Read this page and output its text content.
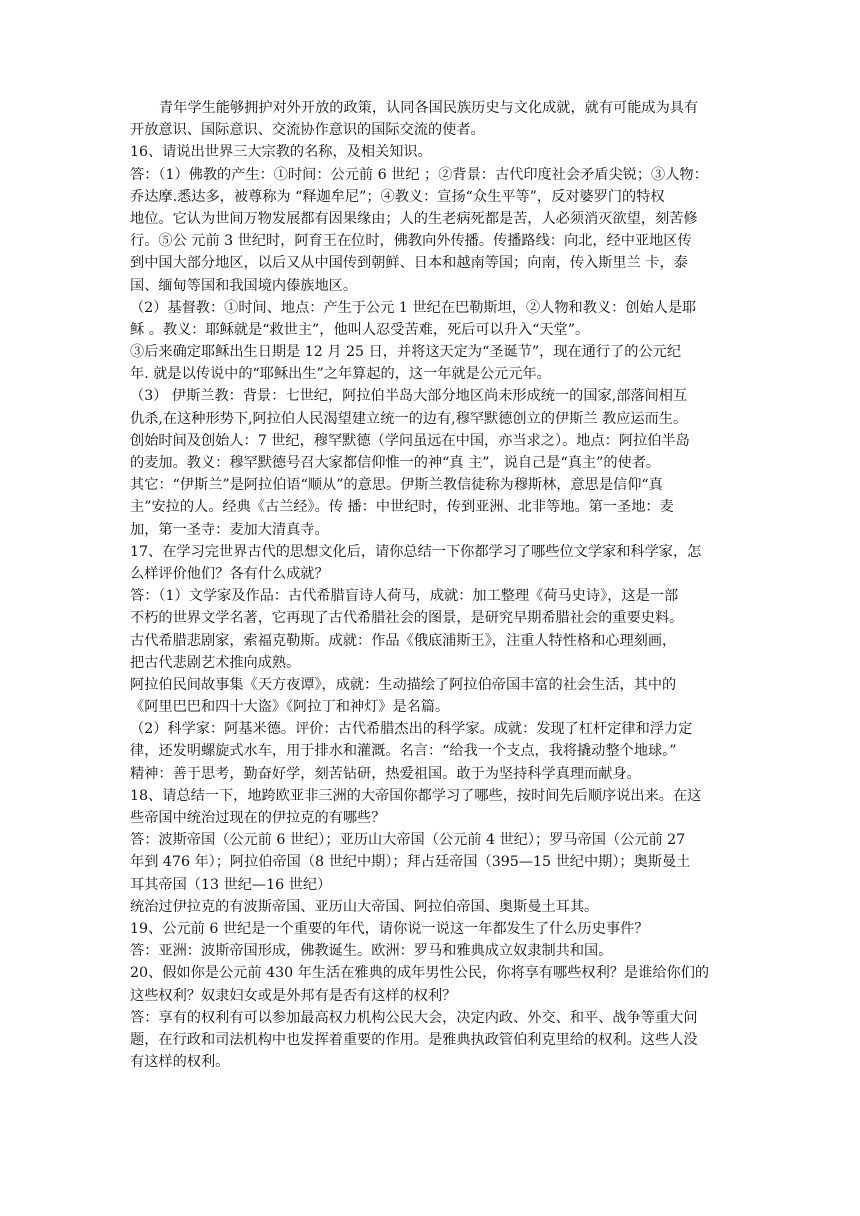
青年学生能够拥护对外开放的政策，认同各国民族历史与文化成就，就有可能成为具有
开放意识、国际意识、交流协作意识的国际交流的使者。
16、请说出世界三大宗教的名称，及相关知识。
答：（1）佛教的产生：①时间：公元前 6 世纪 ；②背景：古代印度社会矛盾尖锐；③人物：
乔达摩.悉达多，被尊称为 “释迦牟尼”；④教义：宣扬“众生平等”，反对婆罗门的特权
地位。它认为世间万物发展都有因果缘由；人的生老病死都是苦，人必须消灭欲望，刻苦修
行。⑤公 元前 3 世纪时，阿育王在位时，佛教向外传播。传播路线：向北，经中亚地区传
到中国大部分地区，以后又从中国传到朝鲜、日本和越南等国；向南，传入斯里兰 卡，泰
国、缅甸等国和我国境内傣族地区。
（2）基督教：①时间、地点：产生于公元 1 世纪在巴勒斯坦，②人物和教义：创始人是耶
稣 。教义：耶稣就是“救世主”，他叫人忍受苦难，死后可以升入“天堂”。
③后来确定耶稣出生日期是 12 月 25 日，并将这天定为“圣诞节”，现在通行了的公元纪
年. 就是以传说中的“耶稣出生”之年算起的，这一年就是公元元年。
（3） 伊斯兰教：背景：七世纪，阿拉伯半岛大部分地区尚未形成统一的国家,部落间相互
仇杀,在这种形势下,阿拉伯人民渴望建立统一的边有,穆罕默德创立的伊斯兰 教应运而生。
创始时间及创始人：7 世纪，穆罕默德（学问虽远在中国，亦当求之）。地点：阿拉伯半岛
的麦加。教义：穆罕默德号召大家都信仰惟一的神“真 主”，说自己是“真主”的使者。
其它：“伊斯兰”是阿拉伯语“顺从”的意思。伊斯兰教信徒称为穆斯林，意思是信仰“真
主”安拉的人。经典《古兰经》。传 播：中世纪时，传到亚洲、北非等地。第一圣地：麦
加，第一圣寺：麦加大清真寺。
17、在学习完世界古代的思想文化后，请你总结一下你都学习了哪些位文学家和科学家，怎
么样评价他们？各有什么成就？
答：（1）文学家及作品：古代希腊盲诗人荷马，成就：加工整理《荷马史诗》，这是一部
不朽的世界文学名著，它再现了古代希腊社会的图景，是研究早期希腊社会的重要史料。
古代希腊悲剧家，索福克勒斯。成就：作品《俄底浦斯王》，注重人特性格和心理刻画，
把古代悲剧艺术推向成熟。
阿拉伯民间故事集《天方夜谭》，成就：生动描绘了阿拉伯帝国丰富的社会生活，其中的
《阿里巴巴和四十大盗》《阿拉丁和神灯》是名篇。
（2）科学家：阿基米德。评价：古代希腊杰出的科学家。成就：发现了杠杆定律和浮力定
律，还发明螺旋式水车，用于排水和灌溉。名言：“给我一个支点，我将撬动整个地球。”
精神：善于思考，勤奋好学，刻苦钻研，热爱祖国。敢于为坚持科学真理而献身。
18、请总结一下，地跨欧亚非三洲的大帝国你都学习了哪些，按时间先后顺序说出来。在这
些帝国中统治过现在的伊拉克的有哪些？
答：波斯帝国（公元前 6 世纪）；亚历山大帝国（公元前 4 世纪）；罗马帝国（公元前 27
年到 476 年）；阿拉伯帝国（8 世纪中期）；拜占廷帝国（395—15 世纪中期）；奥斯曼土
耳其帝国（13 世纪—16 世纪）
统治过伊拉克的有波斯帝国、亚历山大帝国、阿拉伯帝国、奥斯曼土耳其。
19、公元前 6 世纪是一个重要的年代，请你说一说这一年都发生了什么历史事件？
答：亚洲：波斯帝国形成，佛教诞生。欧洲：罗马和雅典成立奴隶制共和国。
20、假如你是公元前 430 年生活在雅典的成年男性公民，你将享有哪些权利？是谁给你们的
这些权利？奴隶妇女或是外邦有是否有这样的权利？
答：享有的权利有可以参加最高权力机构公民大会，决定内政、外交、和平、战争等重大问
题，在行政和司法机构中也发挥着重要的作用。是雅典执政管伯利克里给的权利。这些人没
有这样的权利。
